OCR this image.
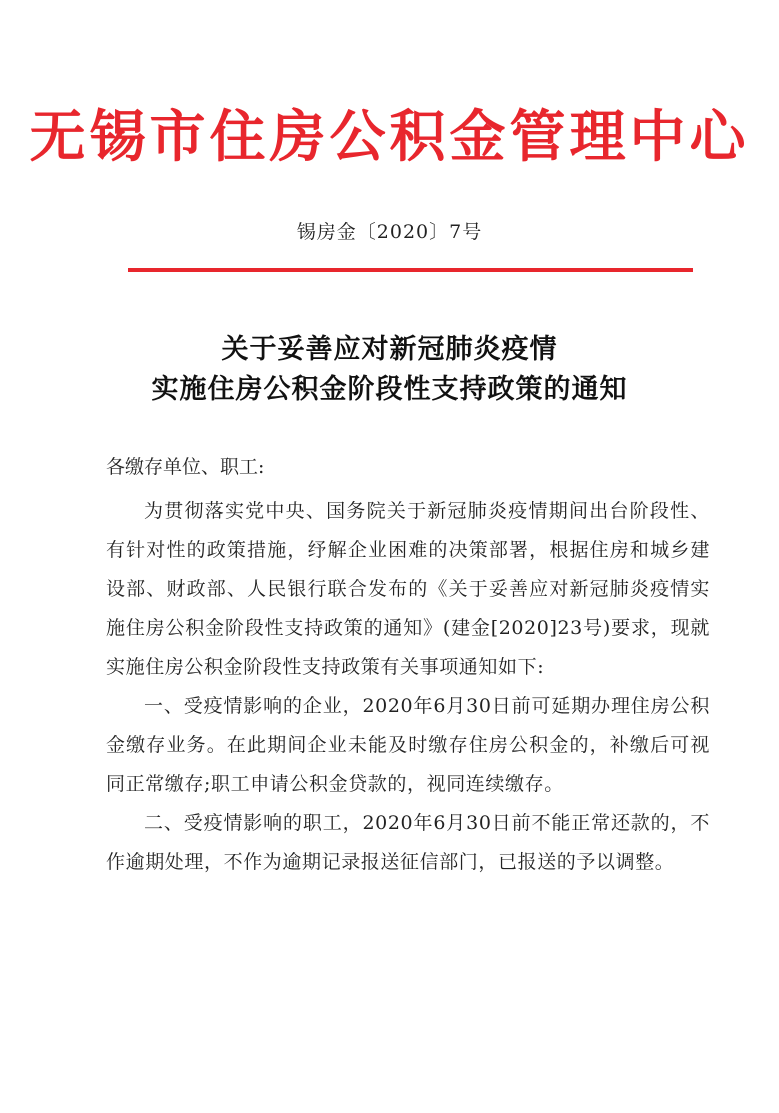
无锡市住房公积金管理中心
锡房金〔2020〕7号
关于妥善应对新冠肺炎疫情
实施住房公积金阶段性支持政策的通知
各缴存单位、职工:

为贯彻落实党中央、国务院关于新冠肺炎疫情期间出台阶段性、有针对性的政策措施，纾解企业困难的决策部署，根据住房和城乡建设部、财政部、人民银行联合发布的《关于妥善应对新冠肺炎疫情实施住房公积金阶段性支持政策的通知》(建金[2020]23号)要求，现就实施住房公积金阶段性支持政策有关事项通知如下:

一、受疫情影响的企业，2020年6月30日前可延期办理住房公积金缴存业务。在此期间企业未能及时缴存住房公积金的，补缴后可视同正常缴存;职工申请公积金贷款的，视同连续缴存。

二、受疫情影响的职工，2020年6月30日前不能正常还款的，不作逾期处理，不作为逾期记录报送征信部门，已报送的予以调整。
